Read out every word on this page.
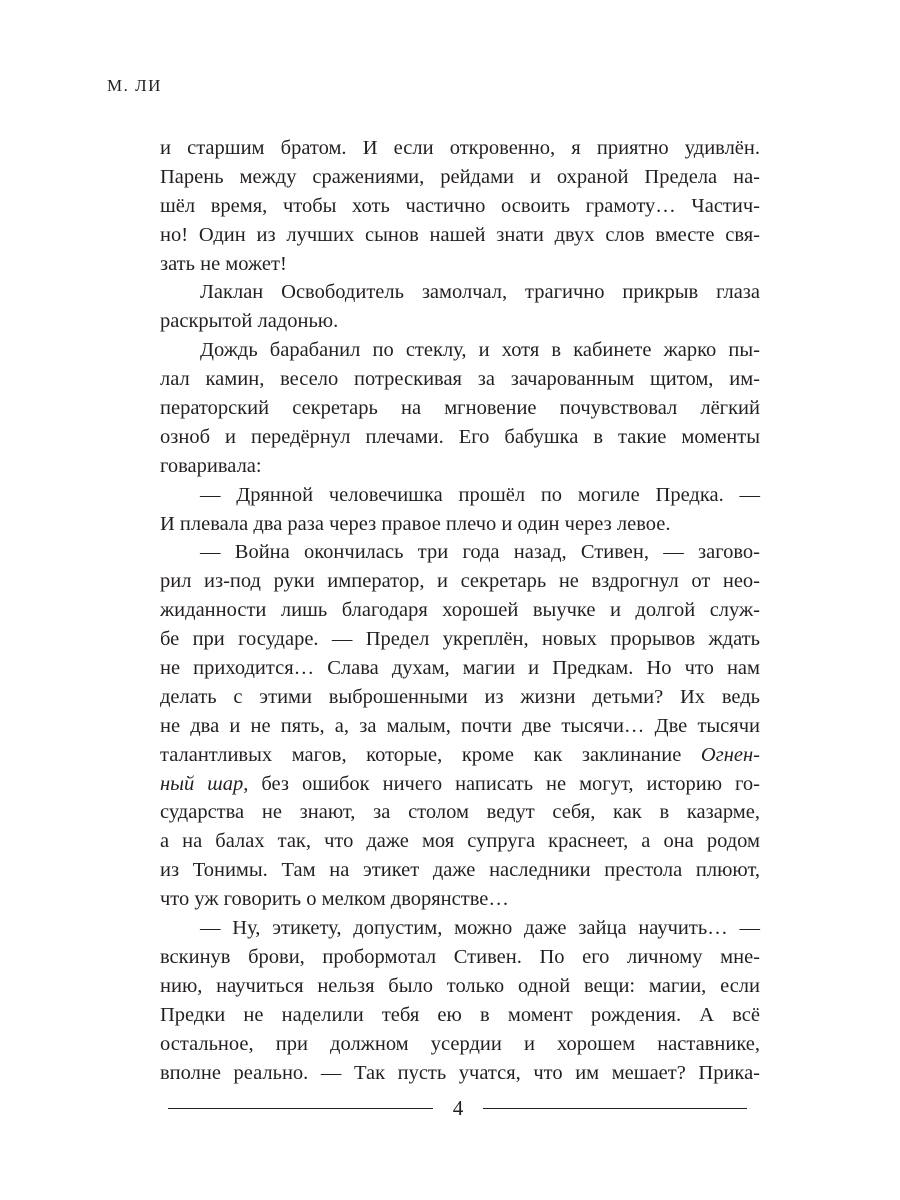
М. ЛИ
и старшим братом. И если откровенно, я приятно удивлён.
Парень между сражениями, рейдами и охраной Предела на-
шёл время, чтобы хоть частично освоить грамоту… Частич-
но! Один из лучших сынов нашей знати двух слов вместе свя-
зать не может!
Лаклан Освободитель замолчал, трагично прикрыв глаза
раскрытой ладонью.
Дождь барабанил по стеклу, и хотя в кабинете жарко пы-
лал камин, весело потрескивая за зачарованным щитом, им-
ператорский секретарь на мгновение почувствовал лёгкий
озноб и передёрнул плечами. Его бабушка в такие моменты
говаривала:
— Дрянной человечишка прошёл по могиле Предка. —
И плевала два раза через правое плечо и один через левое.
— Война окончилась три года назад, Стивен, — загово-
рил из-под руки император, и секретарь не вздрогнул от нео-
жиданности лишь благодаря хорошей выучке и долгой служ-
бе при государе. — Предел укреплён, новых прорывов ждать
не приходится… Слава духам, магии и Предкам. Но что нам
делать с этими выброшенными из жизни детьми? Их ведь
не два и не пять, а, за малым, почти две тысячи… Две тысячи
талантливых магов, которые, кроме как заклинание Огнен-
ный шар, без ошибок ничего написать не могут, историю го-
сударства не знают, за столом ведут себя, как в казарме,
а на балах так, что даже моя супруга краснеет, а она родом
из Тонимы. Там на этикет даже наследники престола плюют,
что уж говорить о мелком дворянстве…
— Ну, этикету, допустим, можно даже зайца научить… —
вскинув брови, пробормотал Стивен. По его личному мне-
нию, научиться нельзя было только одной вещи: магии, если
Предки не наделили тебя ею в момент рождения. А всё
остальное, при должном усердии и хорошем наставнике,
вполне реально. — Так пусть учатся, что им мешает? Прика-
4
